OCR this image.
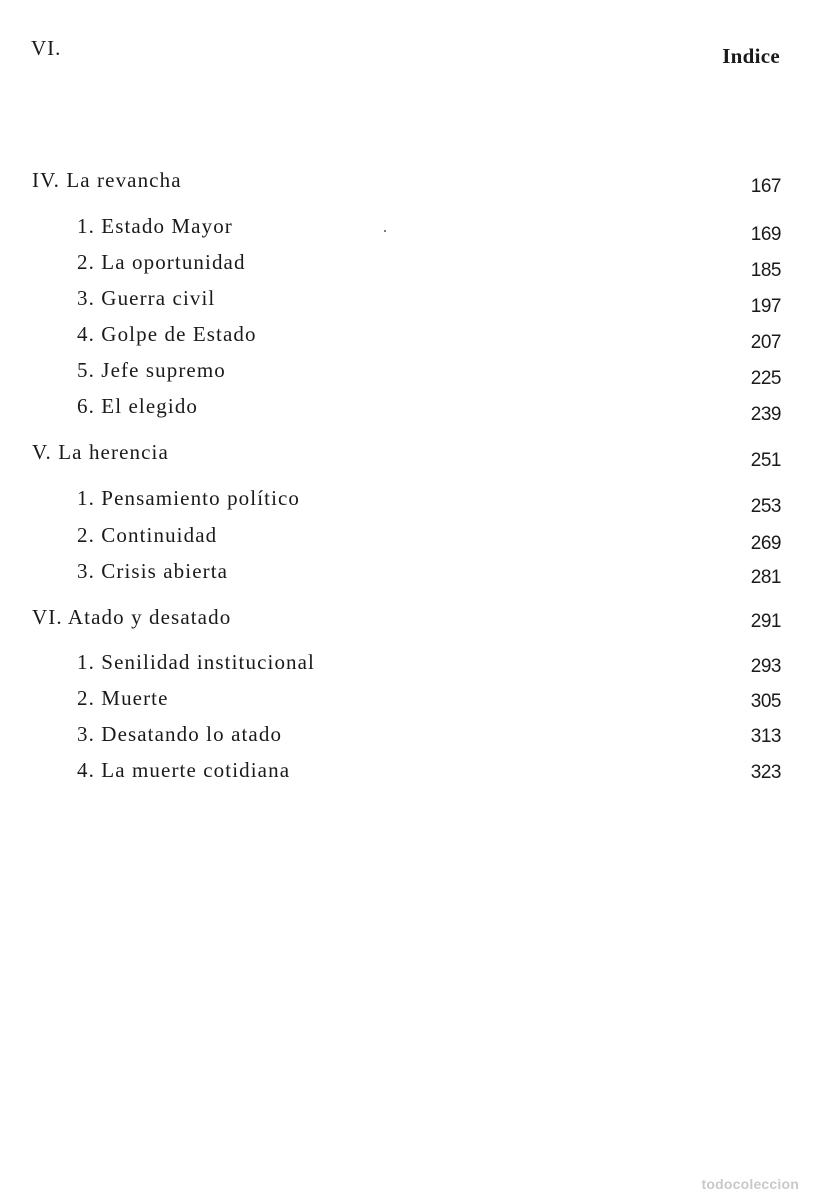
VI.	Indice
IV. La revancha	167
1. Estado Mayor	169
2. La oportunidad	185
3. Guerra civil	197
4. Golpe de Estado	207
5. Jefe supremo	225
6. El elegido	239
V. La herencia	251
1. Pensamiento político	253
2. Continuidad	269
3. Crisis abierta	281
VI. Atado y desatado	291
1. Senilidad institucional	293
2. Muerte	305
3. Desatando lo atado	313
4. La muerte cotidiana	323
todocoleccion
